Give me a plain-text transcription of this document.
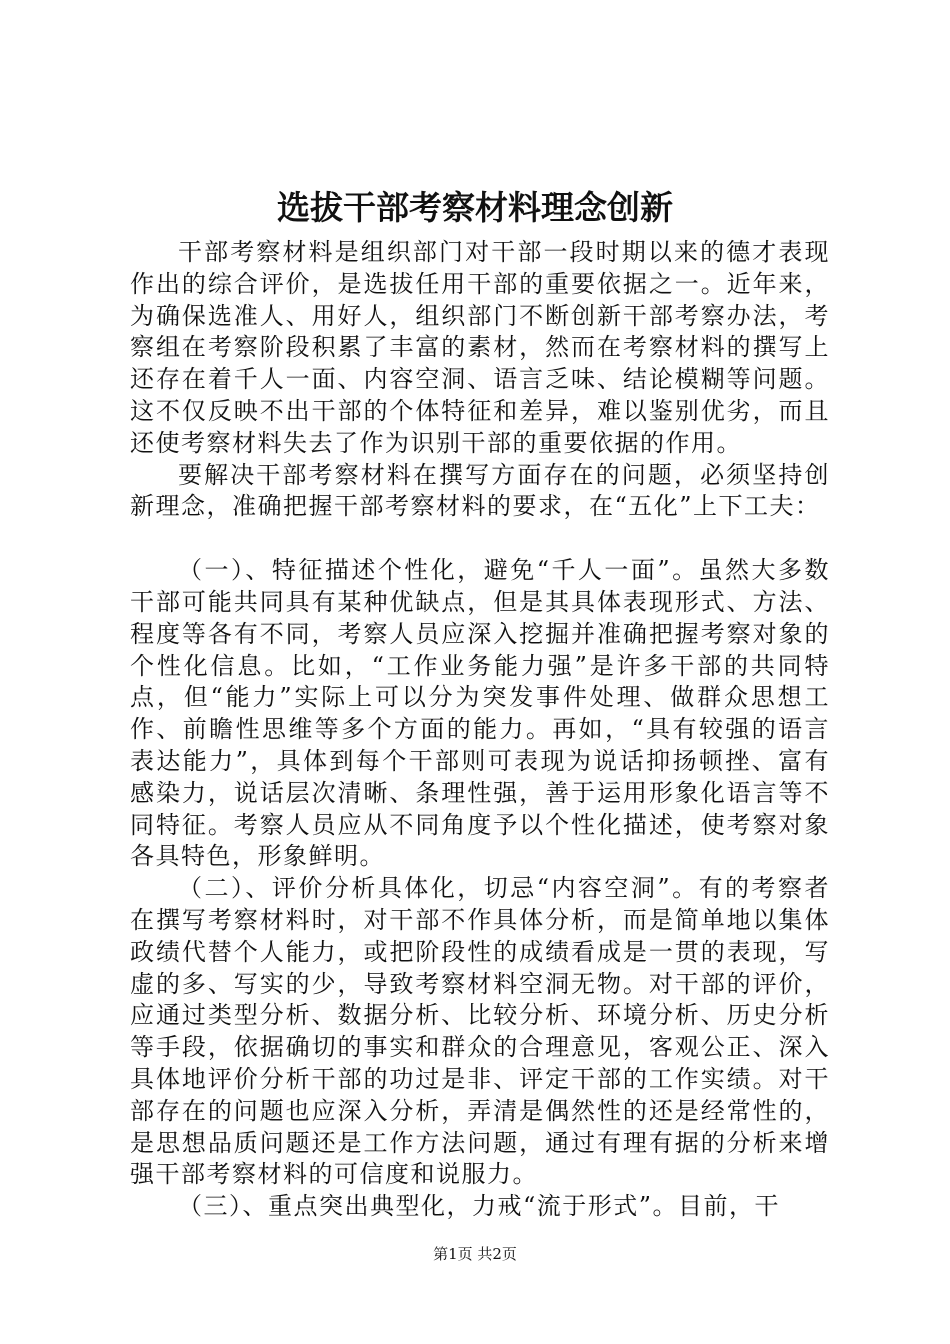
选拔干部考察材料理念创新

干部考察材料是组织部门对干部一段时期以来的德才表现作出的综合评价，是选拔任用干部的重要依据之一。近年来，为确保选准人、用好人，组织部门不断创新干部考察办法，考察组在考察阶段积累了丰富的素材，然而在考察材料的撰写上还存在着千人一面、内容空洞、语言乏味、结论模糊等问题。这不仅反映不出干部的个体特征和差异，难以鉴别优劣，而且还使考察材料失去了作为识别干部的重要依据的作用。

要解决干部考察材料在撰写方面存在的问题，必须坚持创新理念，准确把握干部考察材料的要求，在“五化”上下工夫：

（一）、特征描述个性化，避免“千人一面”。虽然大多数干部可能共同具有某种优缺点，但是其具体表现形式、方法、程度等各有不同，考察人员应深入挖掘并准确把握考察对象的个性化信息。比如，“工作业务能力强”是许多干部的共同特点，但“能力”实际上可以分为突发事件处理、做群众思想工作、前瞻性思维等多个方面的能力。再如，“具有较强的语言表达能力”，具体到每个干部则可表现为说话抑扬顿挫、富有感染力，说话层次清晰、条理性强，善于运用形象化语言等不同特征。考察人员应从不同角度予以个性化描述，使考察对象各具特色，形象鲜明。

（二）、评价分析具体化，切忌“内容空洞”。有的考察者在撰写考察材料时，对干部不作具体分析，而是简单地以集体政绩代替个人能力，或把阶段性的成绩看成是一贯的表现，写虚的多、写实的少，导致考察材料空洞无物。对干部的评价，应通过类型分析、数据分析、比较分析、环境分析、历史分析等手段，依据确切的事实和群众的合理意见，客观公正、深入具体地评价分析干部的功过是非、评定干部的工作实绩。对干部存在的问题也应深入分析，弄清是偶然性的还是经常性的，是思想品质问题还是工作方法问题，通过有理有据的分析来增强干部考察材料的可信度和说服力。

（三）、重点突出典型化，力戒“流于形式”。目前，干

第1页 共2页
